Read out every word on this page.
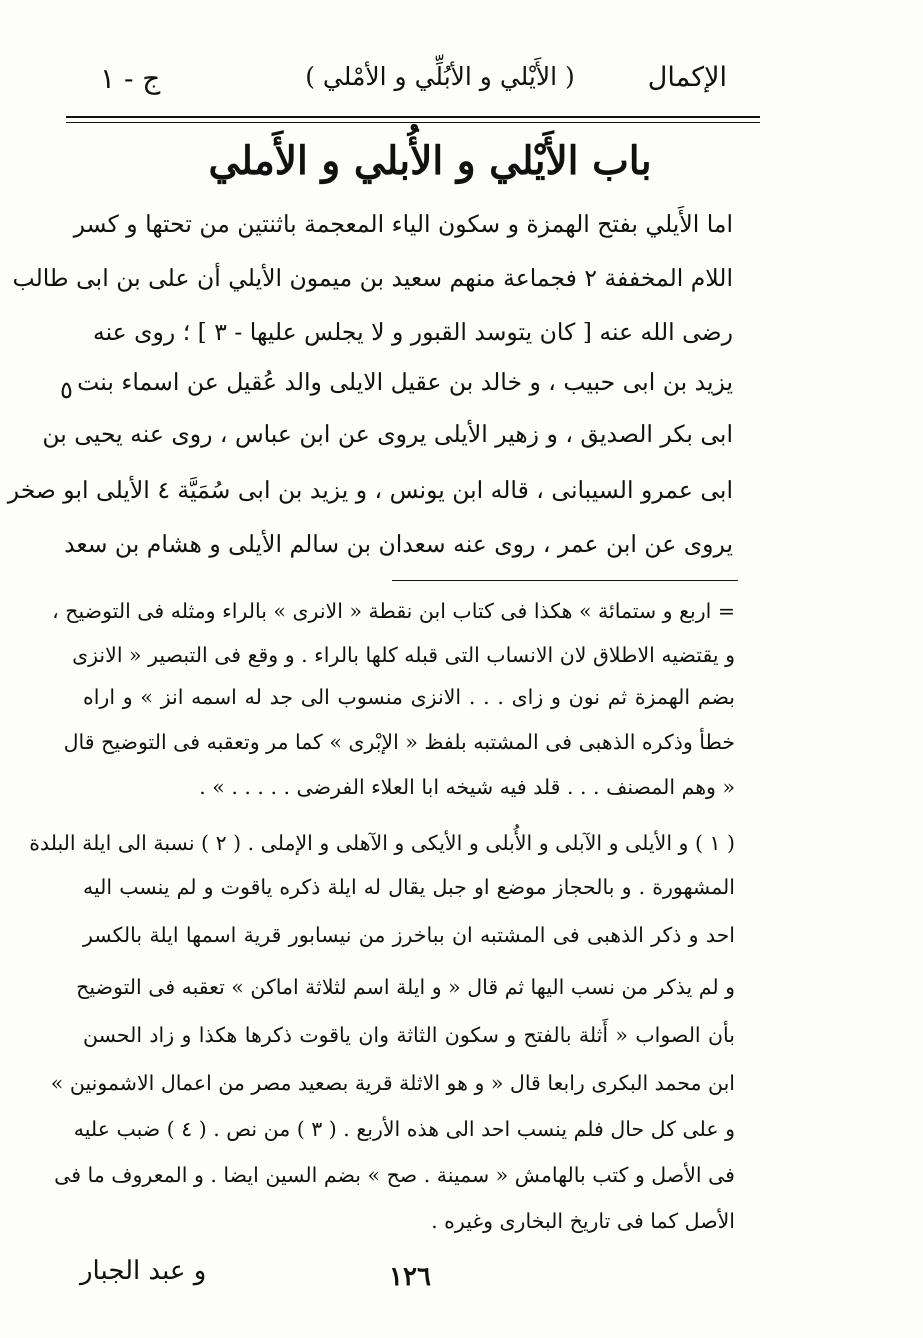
الإكمال
( الأَيْلي و الأبُلِّي و الأمْلي )
ج - ١
باب الأَيْلي و الأُبلي و الأَملي
اما الأَيلي بفتح الهمزة و سكون الياء المعجمة باثنتين من تحتها و كسر
اللام المخففة ٢ فجماعة منهم سعيد بن ميمون الأيلي أن على بن ابى طالب
رضى الله عنه [ كان يتوسد القبور و لا يجلس عليها - ٣ ] ؛ روى عنه
يزيد بن ابى حبيب ، و خالد بن عقيل الايلى والد عُقيل عن اسماء بنت
ابى بكر الصديق ، و زهير الأيلى يروى عن ابن عباس ، روى عنه يحيى بن
ابى عمرو السيبانى ، قاله ابن يونس ، و يزيد بن ابى سُمَيَّة ٤ الأيلى ابو صخر
يروى عن ابن عمر ، روى عنه سعدان بن سالم الأيلى و هشام بن سعد
٥
= اربع و ستمائة » هكذا فى كتاب ابن نقطة « الانرى » بالراء ومثله فى التوضيح ،
و يقتضيه الاطلاق لان الانساب التى قبله كلها بالراء . و وقع فى التبصير « الانزى
بضم الهمزة ثم نون و زاى . . . الانزى منسوب الى جد له اسمه انز » و اراه
خطأ وذكره الذهبى فى المشتبه بلفظ « الإبْرى » كما مر وتعقبه فى التوضيح قال
« وهم المصنف . . . قلد فيه شيخه ابا العلاء الفرضى . . . . . » .
( ١ ) و الأيلى و الآبلى و الأُبلى و الأيكى و الآهلى و الإملى . ( ٢ ) نسبة الى ايلة البلدة
المشهورة . و بالحجاز موضع او جبل يقال له ايلة ذكره ياقوت و لم ينسب اليه
احد و ذكر الذهبى فى المشتبه ان بباخرز من نيسابور قرية اسمها ايلة بالكسر
و لم يذكر من نسب اليها ثم قال « و ايلة اسم لثلاثة اماكن » تعقبه فى التوضيح
بأن الصواب « أَثلة بالفتح و سكون الثاثة وان ياقوت ذكرها هكذا و زاد الحسن
ابن محمد البكرى رابعا قال « و هو الاثلة قرية بصعيد مصر من اعمال الاشمونين »
و على كل حال فلم ينسب احد الى هذه الأربع . ( ٣ ) من نص . ( ٤ ) ضبب عليه
فى الأصل و كتب بالهامش « سمينة . صح » بضم السين ايضا . و المعروف ما فى
الأصل كما فى تاريخ البخارى وغيره .
١٢٦
و عبد الجبار
